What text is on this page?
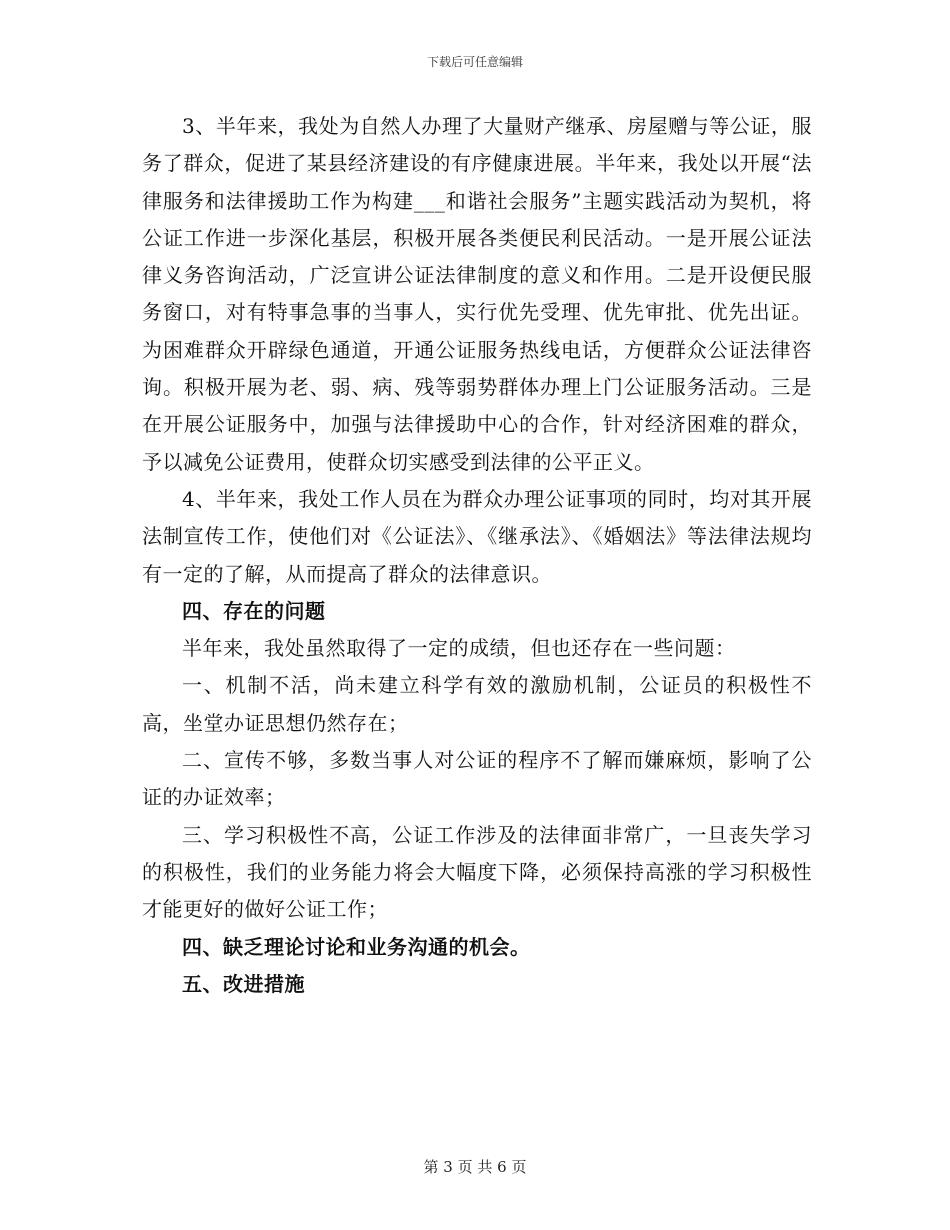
下载后可任意编辑

3、半年来，我处为自然人办理了大量财产继承、房屋赠与等公证，服务了群众，促进了某县经济建设的有序健康进展。半年来，我处以开展“法律服务和法律援助工作为构建___和谐社会服务”主题实践活动为契机，将公证工作进一步深化基层，积极开展各类便民利民活动。一是开展公证法律义务咨询活动，广泛宣讲公证法律制度的意义和作用。二是开设便民服务窗口，对有特事急事的当事人，实行优先受理、优先审批、优先出证。为困难群众开辟绿色通道，开通公证服务热线电话，方便群众公证法律咨询。积极开展为老、弱、病、残等弱势群体办理上门公证服务活动。三是在开展公证服务中，加强与法律援助中心的合作，针对经济困难的群众，予以减免公证费用，使群众切实感受到法律的公平正义。

4、半年来，我处工作人员在为群众办理公证事项的同时，均对其开展法制宣传工作，使他们对《公证法》、《继承法》、《婚姻法》等法律法规均有一定的了解，从而提高了群众的法律意识。

四、存在的问题

半年来，我处虽然取得了一定的成绩，但也还存在一些问题：

一、机制不活，尚未建立科学有效的激励机制，公证员的积极性不高，坐堂办证思想仍然存在；

二、宣传不够，多数当事人对公证的程序不了解而嫌麻烦，影响了公证的办证效率；

三、学习积极性不高，公证工作涉及的法律面非常广，一旦丧失学习的积极性，我们的业务能力将会大幅度下降，必须保持高涨的学习积极性才能更好的做好公证工作；

四、缺乏理论讨论和业务沟通的机会。

五、改进措施

第 3 页 共 6 页
